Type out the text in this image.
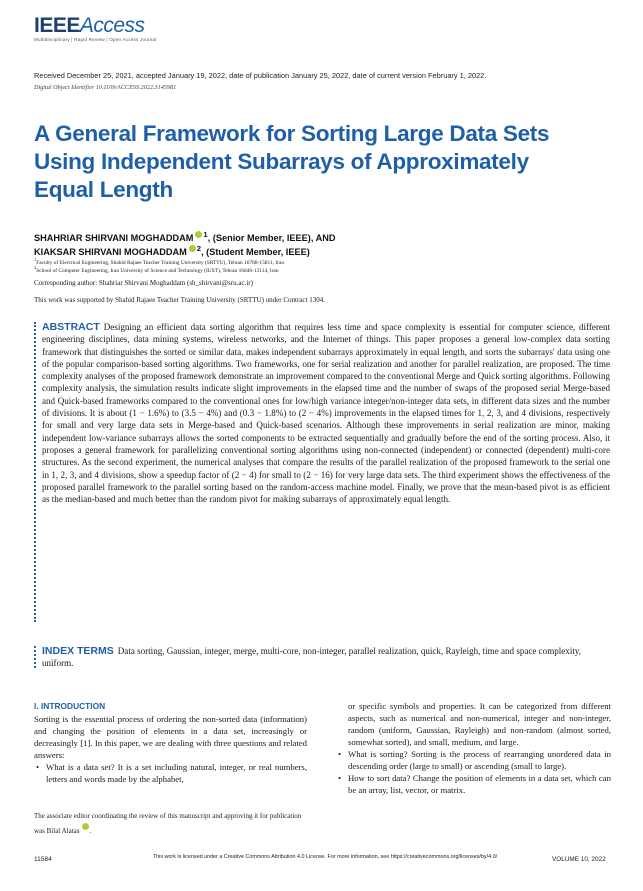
IEEEAccess
Multidisciplinary | Rapid Review | Open Access Journal
Received December 25, 2021, accepted January 19, 2022, date of publication January 25, 2022, date of current version February 1, 2022.
Digital Object Identifier 10.1109/ACCESS.2022.3145981
A General Framework for Sorting Large Data Sets Using Independent Subarrays of Approximately Equal Length
SHAHRIAR SHIRVANI MOGHADDAM $^1$, (Senior Member, IEEE), AND
KIAKSAR SHIRVANI MOGHADDAM $^2$, (Student Member, IEEE)
$^1$Faculty of Electrical Engineering, Shahid Rajaee Teacher Training University (SRTTU), Tehran 16788-15811, Iran
$^2$School of Computer Engineering, Iran University of Science and Technology (IUST), Tehran 16846-13114, Iran
Corresponding author: Shahriar Shirvani Moghaddam (sh_shirvani@sru.ac.ir)
This work was supported by Shahid Rajaee Teacher Training University (SRTTU) under Contract 1304.
ABSTRACT Designing an efficient data sorting algorithm that requires less time and space complexity is essential for computer science, different engineering disciplines, data mining systems, wireless networks, and the Internet of things. This paper proposes a general low-complex data sorting framework that distinguishes the sorted or similar data, makes independent subarrays approximately in equal length, and sorts the subarrays' data using one of the popular comparison-based sorting algorithms. Two frameworks, one for serial realization and another for parallel realization, are proposed. The time complexity analyses of the proposed framework demonstrate an improvement compared to the conventional Merge and Quick sorting algorithms. Following complexity analysis, the simulation results indicate slight improvements in the elapsed time and the number of swaps of the proposed serial Merge-based and Quick-based frameworks compared to the conventional ones for low/high variance integer/non-integer data sets, in different data sizes and the number of divisions. It is about (1 − 1.6%) to (3.5 − 4%) and (0.3 − 1.8%) to (2 − 4%) improvements in the elapsed times for 1, 2, 3, and 4 divisions, respectively for small and very large data sets in Merge-based and Quick-based scenarios. Although these improvements in serial realization are minor, making independent low-variance subarrays allows the sorted components to be extracted sequentially and gradually before the end of the sorting process. Also, it proposes a general framework for parallelizing conventional sorting algorithms using non-connected (independent) or connected (dependent) multi-core structures. As the second experiment, the numerical analyses that compare the results of the parallel realization of the proposed framework to the serial one in 1, 2, 3, and 4 divisions, show a speedup factor of (2 − 4) for small to (2 − 16) for very large data sets. The third experiment shows the effectiveness of the proposed parallel framework to the parallel sorting based on the random-access machine model. Finally, we prove that the mean-based pivot is as efficient as the median-based and much better than the random pivot for making subarrays of approximately equal length.
INDEX TERMS Data sorting, Gaussian, integer, merge, multi-core, non-integer, parallel realization, quick, Rayleigh, time and space complexity, uniform.
I. INTRODUCTION
Sorting is the essential process of ordering the non-sorted data (information) and changing the position of elements in a data set, increasingly or decreasingly [1]. In this paper, we are dealing with three questions and related answers:
• What is a data set? It is a set including natural, integer, or real numbers, letters and words made by the alphabet,
The associate editor coordinating the review of this manuscript and approving it for publication was Bilal Alatas .
or specific symbols and properties. It can be categorized from different aspects, such as numerical and non-numerical, integer and non-integer, random (uniform, Gaussian, Rayleigh) and non-random (almost sorted, somewhat sorted), and small, medium, and large.
• What is sorting? Sorting is the process of rearranging unordered data in descending order (large to small) or ascending (small to large).
• How to sort data? Change the position of elements in a data set, which can be an array, list, vector, or matrix.
11584	This work is licensed under a Creative Commons Attribution 4.0 License. For more information, see https://creativecommons.org/licenses/by/4.0/	VOLUME 10, 2022
